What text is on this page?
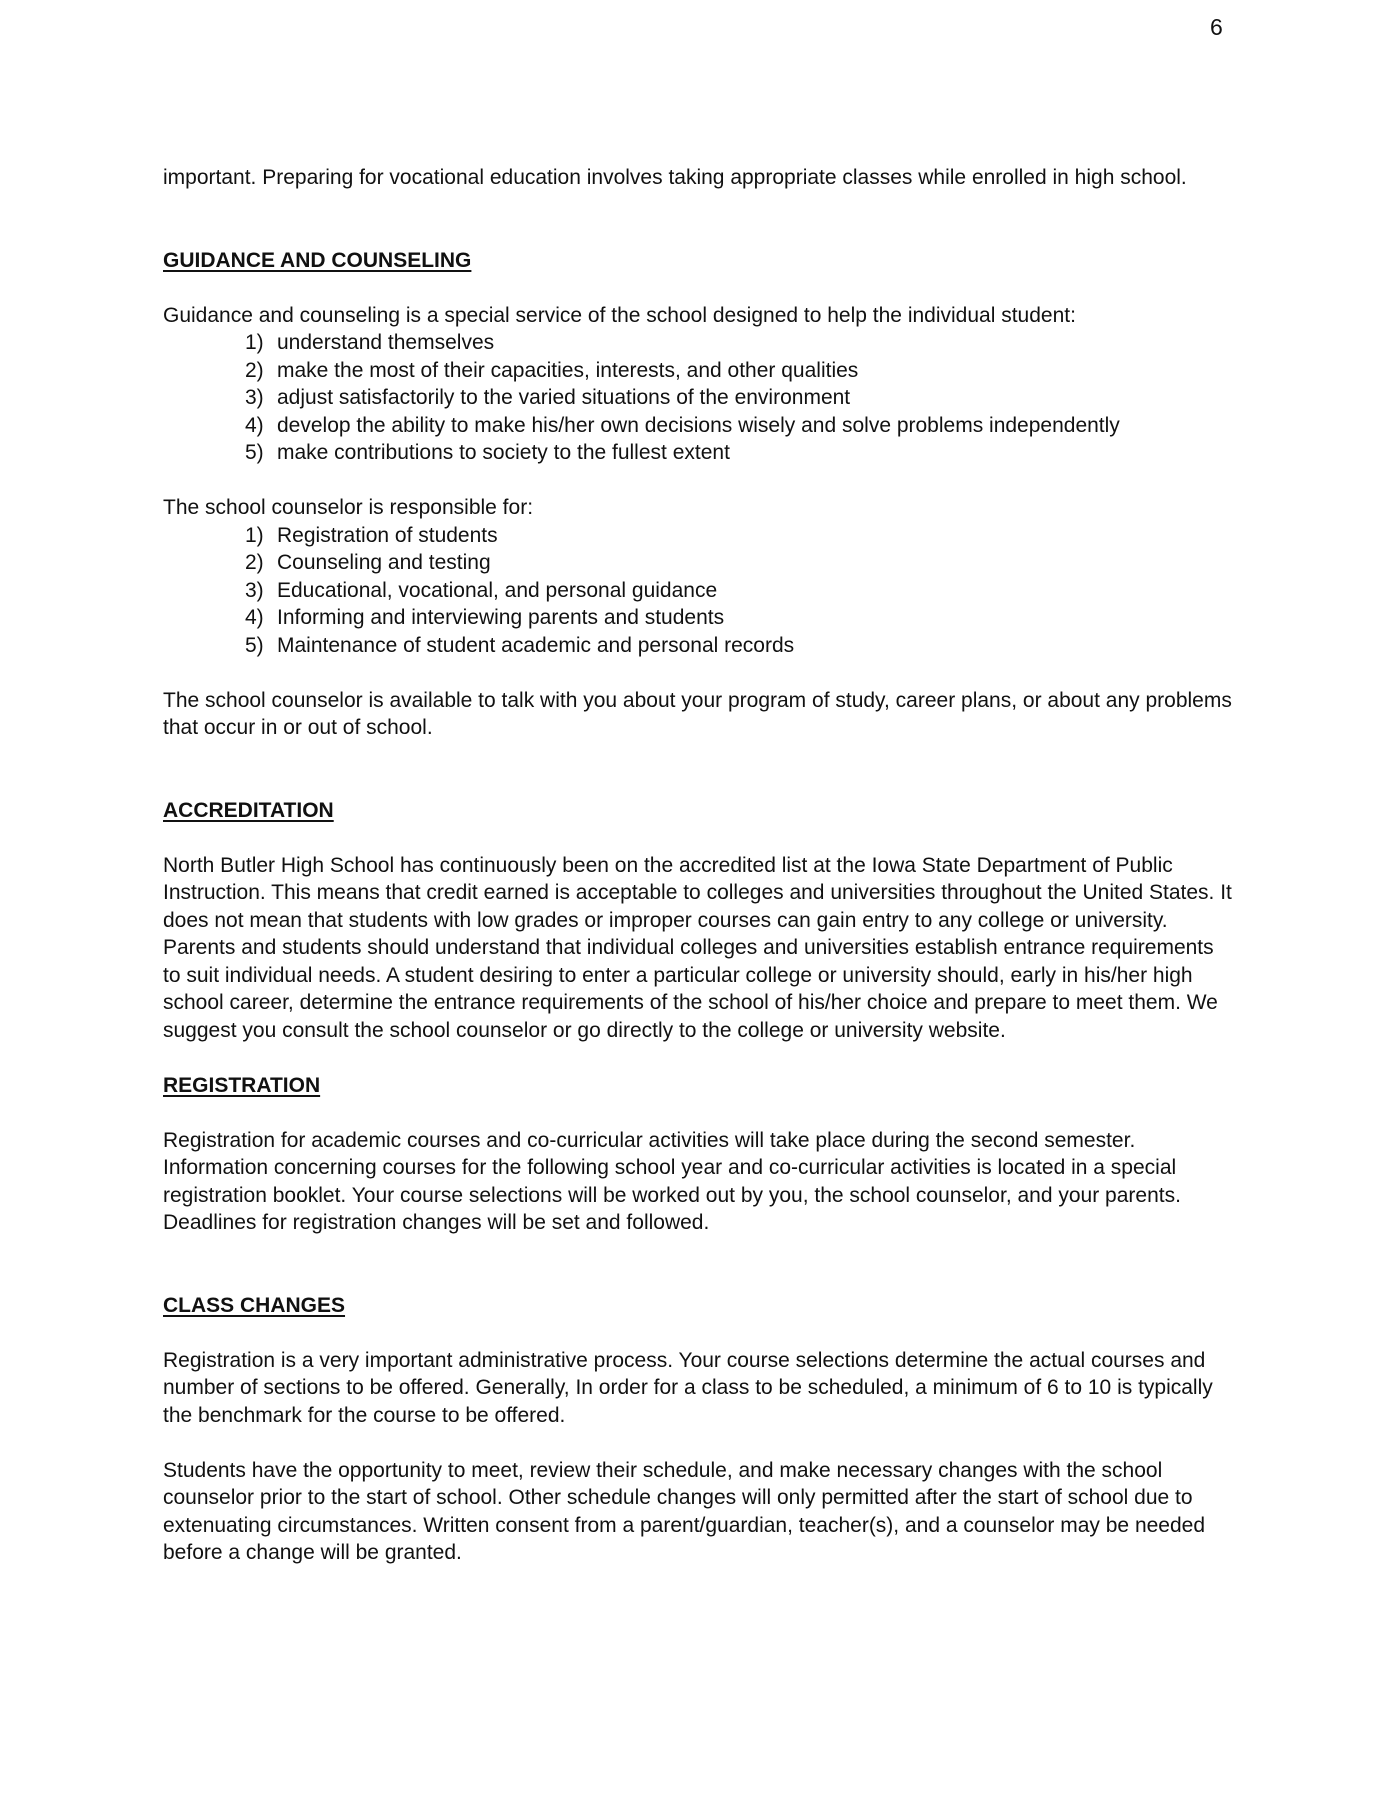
6

important. Preparing for vocational education involves taking appropriate classes while enrolled in high school.

GUIDANCE AND COUNSELING

Guidance and counseling is a special service of the school designed to help the individual student:

1) understand themselves
2) make the most of their capacities, interests, and other qualities
3) adjust satisfactorily to the varied situations of the environment
4) develop the ability to make his/her own decisions wisely and solve problems independently
5) make contributions to society to the fullest extent

The school counselor is responsible for:

1) Registration of students
2) Counseling and testing
3) Educational, vocational, and personal guidance
4) Informing and interviewing parents and students
5) Maintenance of student academic and personal records

The school counselor is available to talk with you about your program of study, career plans, or about any problems that occur in or out of school.

ACCREDITATION

North Butler High School has continuously been on the accredited list at the Iowa State Department of Public Instruction. This means that credit earned is acceptable to colleges and universities throughout the United States. It does not mean that students with low grades or improper courses can gain entry to any college or university. Parents and students should understand that individual colleges and universities establish entrance requirements to suit individual needs. A student desiring to enter a particular college or university should, early in his/her high school career, determine the entrance requirements of the school of his/her choice and prepare to meet them. We suggest you consult the school counselor or go directly to the college or university website.

REGISTRATION

Registration for academic courses and co-curricular activities will take place during the second semester. Information concerning courses for the following school year and co-curricular activities is located in a special registration booklet. Your course selections will be worked out by you, the school counselor, and your parents. Deadlines for registration changes will be set and followed.

CLASS CHANGES

Registration is a very important administrative process. Your course selections determine the actual courses and number of sections to be offered. Generally, In order for a class to be scheduled, a minimum of 6 to 10 is typically the benchmark for the course to be offered.

Students have the opportunity to meet, review their schedule, and make necessary changes with the school counselor prior to the start of school. Other schedule changes will only permitted after the start of school due to extenuating circumstances. Written consent from a parent/guardian, teacher(s), and a counselor may be needed before a change will be granted.
